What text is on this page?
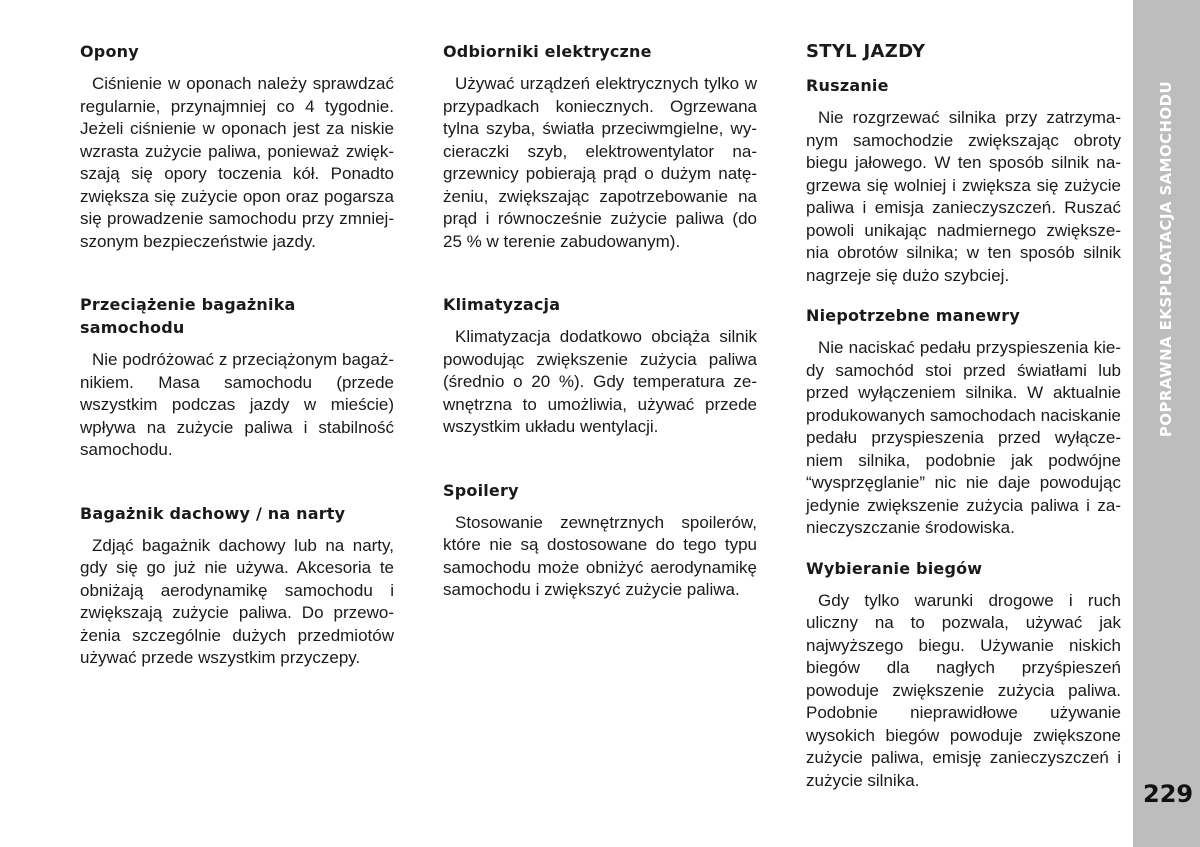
Opony

Ciśnienie w oponach należy sprawdzać regularnie, przynajmniej co 4 tygodnie. Jeżeli ciśnienie w oponach jest za niskie wzrasta zużycie paliwa, ponieważ zwiększają się opory toczenia kół. Ponadto zwiększa się zużycie opon oraz pogarsza się prowadzenie samochodu przy zmniejszonym bezpieczeństwie jazdy.

Przeciążenie bagażnika samochodu

Nie podróżować z przeciążonym bagażnikiem. Masa samochodu (przede wszystkim podczas jazdy w mieście) wpływa na zużycie paliwa i stabilność samochodu.

Bagażnik dachowy / na narty

Zdjąć bagażnik dachowy lub na narty, gdy się go już nie używa. Akcesoria te obniżają aerodynamikę samochodu i zwiększają zużycie paliwa. Do przewożenia szczególnie dużych przedmiotów używać przede wszystkim przyczepy.

Odbiorniki elektryczne

Używać urządzeń elektrycznych tylko w przypadkach koniecznych. Ogrzewana tylna szyba, światła przeciwmgielne, wycieraczki szyb, elektrowentylator nagrzewnicy pobierają prąd o dużym natężeniu, zwiększając zapotrzebowanie na prąd i równocześnie zużycie paliwa (do 25 % w terenie zabudowanym).

Klimatyzacja

Klimatyzacja dodatkowo obciąża silnik powodując zwiększenie zużycia paliwa (średnio o 20 %). Gdy temperatura zewnętrzna to umożliwia, używać przede wszystkim układu wentylacji.

Spoilery

Stosowanie zewnętrznych spoilerów, które nie są dostosowane do tego typu samochodu może obniżyć aerodynamikę samochodu i zwiększyć zużycie paliwa.

STYL JAZDY
Ruszanie

Nie rozgrzewać silnika przy zatrzymanym samochodzie zwiększając obroty biegu jałowego. W ten sposób silnik nagrzewa się wolniej i zwiększa się zużycie paliwa i emisja zanieczyszczeń. Ruszać powoli unikając nadmiernego zwiększenia obrotów silnika; w ten sposób silnik nagrzeje się dużo szybciej.

Niepotrzebne manewry

Nie naciskać pedału przyspieszenia kiedy samochód stoi przed światłami lub przed wyłączeniem silnika. W aktualnie produkowanych samochodach naciskanie pedału przyspieszenia przed wyłączeniem silnika, podobnie jak podwójne “wysprzęglanie” nic nie daje powodując jedynie zwiększenie zużycia paliwa i zanieczyszczanie środowiska.

Wybieranie biegów

Gdy tylko warunki drogowe i ruch uliczny na to pozwala, używać jak najwyższego biegu. Używanie niskich biegów dla nagłych przyśpieszeń powoduje zwiększenie zużycia paliwa. Podobnie nieprawidłowe używanie wysokich biegów powoduje zwiększone zużycie paliwa, emisję zanieczyszczeń i zużycie silnika.

POPRAWNA EKSPLOATACJA SAMOCHODU
229
